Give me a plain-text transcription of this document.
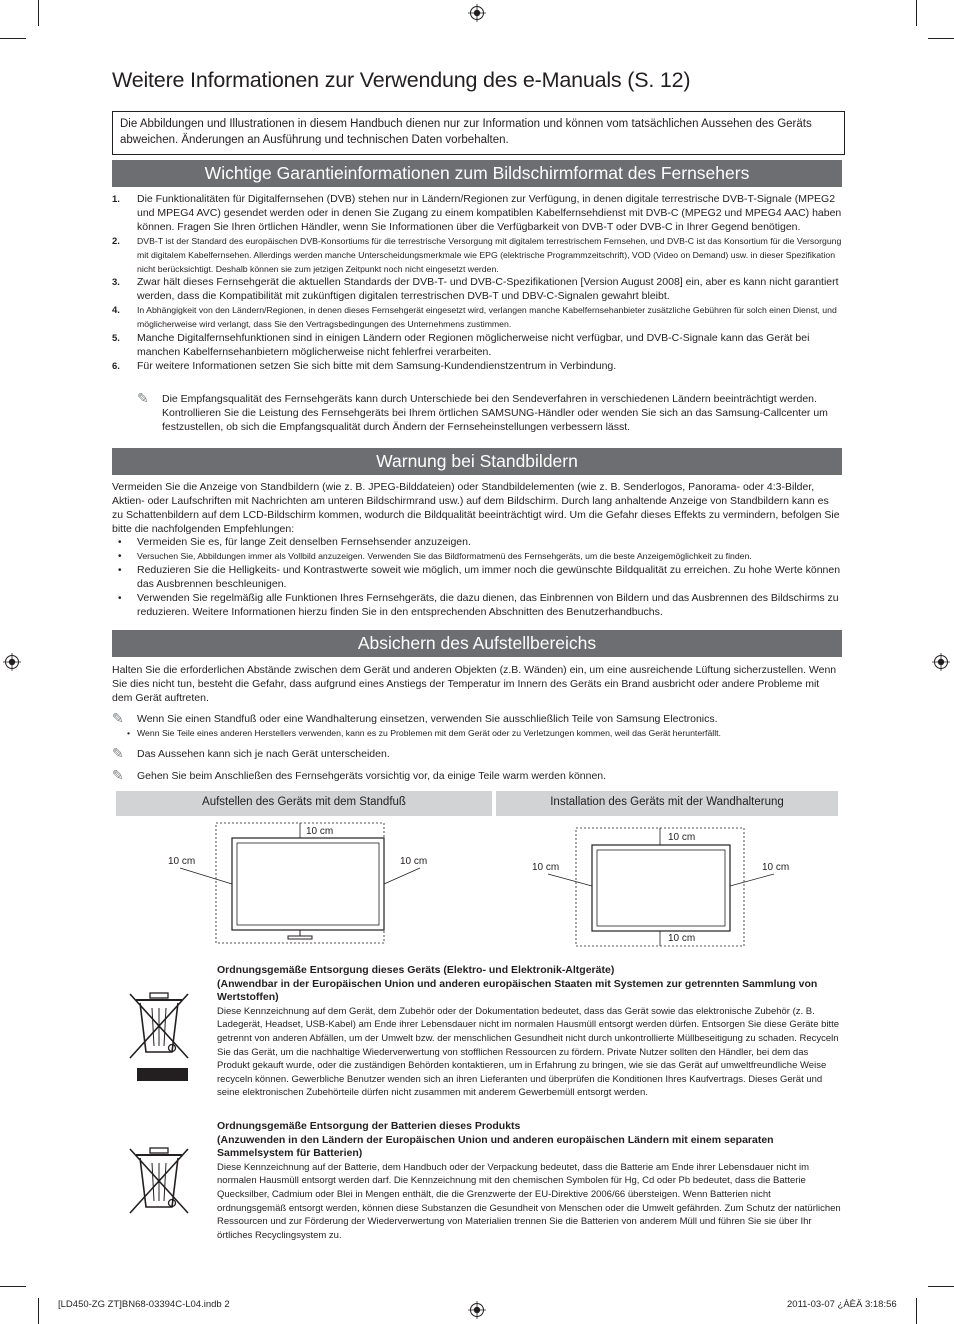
Weitere Informationen zur Verwendung des e-Manuals (S. 12)
Die Abbildungen und Illustrationen in diesem Handbuch dienen nur zur Information und können vom tatsächlichen Aussehen des Geräts abweichen. Änderungen an Ausführung und technischen Daten vorbehalten.
Wichtige Garantieinformationen zum Bildschirmformat des Fernsehers
1. Die Funktionalitäten für Digitalfernsehen (DVB) stehen nur in Ländern/Regionen zur Verfügung, in denen digitale terrestrische DVB-T-Signale (MPEG2 und MPEG4 AVC) gesendet werden oder in denen Sie Zugang zu einem kompatiblen Kabelfernsehdienst mit DVB-C (MPEG2 und MPEG4 AAC) haben können. Fragen Sie Ihren örtlichen Händler, wenn Sie Informationen über die Verfügbarkeit von DVB-T oder DVB-C in Ihrer Gegend benötigen.
2. DVB-T ist der Standard des europäischen DVB-Konsortiums für die terrestrische Versorgung mit digitalem terrestrischem Fernsehen, und DVB-C ist das Konsortium für die Versorgung mit digitalem Kabelfernsehen. Allerdings werden manche Unterscheidungsmerkmale wie EPG (elektrische Programmzeitschrift), VOD (Video on Demand) usw. in dieser Spezifikation nicht berücksichtigt. Deshalb können sie zum jetzigen Zeitpunkt noch nicht eingesetzt werden.
3. Zwar hält dieses Fernsehgerät die aktuellen Standards der DVB-T- und DVB-C-Spezifikationen [Version August 2008] ein, aber es kann nicht garantiert werden, dass die Kompatibilität mit zukünftigen digitalen terrestrischen DVB-T und DBV-C-Signalen gewahrt bleibt.
4. In Abhängigkeit von den Ländern/Regionen, in denen dieses Fernsehgerät eingesetzt wird, verlangen manche Kabelfernsehanbieter zusätzliche Gebühren für solch einen Dienst, und möglicherweise wird verlangt, dass Sie den Vertragsbedingungen des Unternehmens zustimmen.
5. Manche Digitalfernsehfunktionen sind in einigen Ländern oder Regionen möglicherweise nicht verfügbar, und DVB-C-Signale kann das Gerät bei manchen Kabelfernsehanbietern möglicherweise nicht fehlerfrei verarbeiten.
6. Für weitere Informationen setzen Sie sich bitte mit dem Samsung-Kundendienstzentrum in Verbindung.
✎ Die Empfangsqualität des Fernsehgeräts kann durch Unterschiede bei den Sendeverfahren in verschiedenen Ländern beeinträchtigt werden. Kontrollieren Sie die Leistung des Fernsehgeräts bei Ihrem örtlichen SAMSUNG-Händler oder wenden Sie sich an das Samsung-Callcenter um festzustellen, ob sich die Empfangsqualität durch Ändern der Fernseheinstellungen verbessern lässt.
Warnung bei Standbildern
Vermeiden Sie die Anzeige von Standbildern (wie z. B. JPEG-Bilddateien) oder Standbildelementen (wie z. B. Senderlogos, Panorama- oder 4:3-Bilder, Aktien- oder Laufschriften mit Nachrichten am unteren Bildschirmrand usw.) auf dem Bildschirm. Durch lang anhaltende Anzeige von Standbildern kann es zu Schattenbildern auf dem LCD-Bildschirm kommen, wodurch die Bildqualität beeinträchtigt wird. Um die Gefahr dieses Effekts zu vermindern, befolgen Sie bitte die nachfolgenden Empfehlungen:
• Vermeiden Sie es, für lange Zeit denselben Fernsehsender anzuzeigen.
• Versuchen Sie, Abbildungen immer als Vollbild anzuzeigen. Verwenden Sie das Bildformatmenü des Fernsehgeräts, um die beste Anzeigemöglichkeit zu finden.
• Reduzieren Sie die Helligkeits- und Kontrastwerte soweit wie möglich, um immer noch die gewünschte Bildqualität zu erreichen. Zu hohe Werte können das Ausbrennen beschleunigen.
• Verwenden Sie regelmäßig alle Funktionen Ihres Fernsehgeräts, die dazu dienen, das Einbrennen von Bildern und das Ausbrennen des Bildschirms zu reduzieren. Weitere Informationen hierzu finden Sie in den entsprechenden Abschnitten des Benutzerhandbuchs.
Absichern des Aufstellbereichs
Halten Sie die erforderlichen Abstände zwischen dem Gerät und anderen Objekten (z.B. Wänden) ein, um eine ausreichende Lüftung sicherzustellen. Wenn Sie dies nicht tun, besteht die Gefahr, dass aufgrund eines Anstiegs der Temperatur im Innern des Geräts ein Brand ausbricht oder andere Probleme mit dem Gerät auftreten.
✎ Wenn Sie einen Standfuß oder eine Wandhalterung einsetzen, verwenden Sie ausschließlich Teile von Samsung Electronics.
• Wenn Sie Teile eines anderen Herstellers verwenden, kann es zu Problemen mit dem Gerät oder zu Verletzungen kommen, weil das Gerät herunterfällt.
✎ Das Aussehen kann sich je nach Gerät unterscheiden.
✎ Gehen Sie beim Anschließen des Fernsehgeräts vorsichtig vor, da einige Teile warm werden können.
Aufstellen des Geräts mit dem Standfuß	Installation des Geräts mit der Wandhalterung
10 cm
10 cm	10 cm
10 cm
10 cm
10 cm	10 cm
Ordnungsgemäße Entsorgung dieses Geräts (Elektro- und Elektronik-Altgeräte)
(Anwendbar in der Europäischen Union und anderen europäischen Staaten mit Systemen zur getrennten Sammlung von Wertstoffen)
Diese Kennzeichnung auf dem Gerät, dem Zubehör oder der Dokumentation bedeutet, dass das Gerät sowie das elektronische Zubehör (z. B. Ladegerät, Headset, USB-Kabel) am Ende ihrer Lebensdauer nicht im normalen Hausmüll entsorgt werden dürfen. Entsorgen Sie diese Geräte bitte getrennt von anderen Abfällen, um der Umwelt bzw. der menschlichen Gesundheit nicht durch unkontrollierte Müllbeseitigung zu schaden. Recyceln Sie das Gerät, um die nachhaltige Wiederverwertung von stofflichen Ressourcen zu fördern. Private Nutzer sollten den Händler, bei dem das Produkt gekauft wurde, oder die zuständigen Behörden kontaktieren, um in Erfahrung zu bringen, wie sie das Gerät auf umweltfreundliche Weise recyceln können. Gewerbliche Benutzer wenden sich an ihren Lieferanten und überprüfen die Konditionen Ihres Kaufvertrags. Dieses Gerät und seine elektronischen Zubehörteile dürfen nicht zusammen mit anderem Gewerbemüll entsorgt werden.
Ordnungsgemäße Entsorgung der Batterien dieses Produkts
(Anzuwenden in den Ländern der Europäischen Union und anderen europäischen Ländern mit einem separaten Sammelsystem für Batterien)
Diese Kennzeichnung auf der Batterie, dem Handbuch oder der Verpackung bedeutet, dass die Batterie am Ende ihrer Lebensdauer nicht im normalen Hausmüll entsorgt werden darf. Die Kennzeichnung mit den chemischen Symbolen für Hg, Cd oder Pb bedeutet, dass die Batterie Quecksilber, Cadmium oder Blei in Mengen enthält, die die Grenzwerte der EU-Direktive 2006/66 übersteigen. Wenn Batterien nicht ordnungsgemäß entsorgt werden, können diese Substanzen die Gesundheit von Menschen oder die Umwelt gefährden. Zum Schutz der natürlichen Ressourcen und zur Förderung der Wiederverwertung von Materialien trennen Sie die Batterien von anderem Müll und führen Sie sie über Ihr örtliches Recyclingsystem zu.
[LD450-ZG ZT]BN68-03394C-L04.indb 2	2011-03-07 ¿ÀÈÄ 3:18:56
